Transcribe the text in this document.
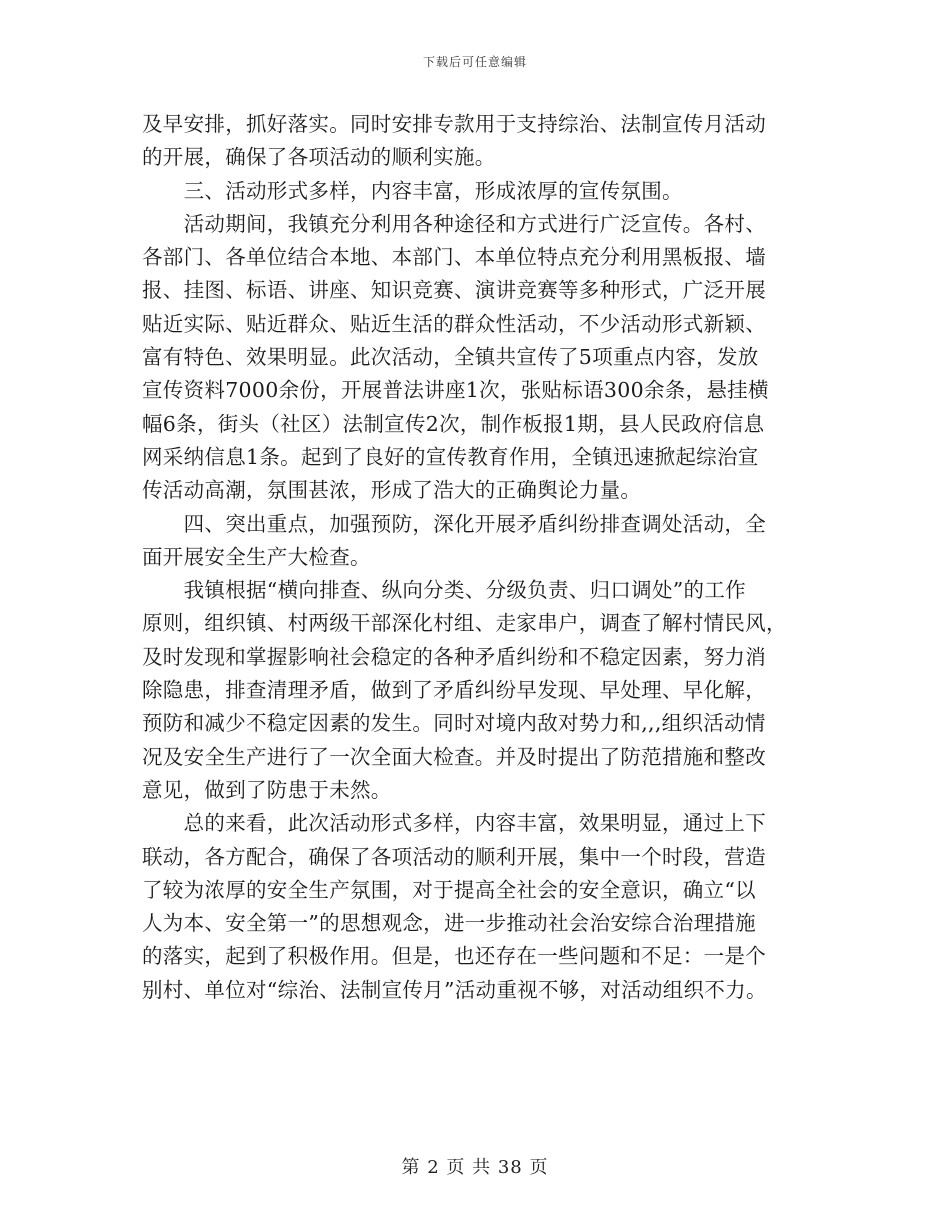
下载后可任意编辑
及早安排，抓好落实。同时安排专款用于支持综治、法制宣传月活动
的开展，确保了各项活动的顺利实施。
　　三、活动形式多样，内容丰富，形成浓厚的宣传氛围。
　　活动期间，我镇充分利用各种途径和方式进行广泛宣传。各村、
各部门、各单位结合本地、本部门、本单位特点充分利用黑板报、墙
报、挂图、标语、讲座、知识竞赛、演讲竞赛等多种形式，广泛开展
贴近实际、贴近群众、贴近生活的群众性活动，不少活动形式新颖、
富有特色、效果明显。此次活动，全镇共宣传了5项重点内容，发放
宣传资料7000余份，开展普法讲座1次，张贴标语300余条，悬挂横
幅6条，街头（社区）法制宣传2次，制作板报1期，县人民政府信息
网采纳信息1条。起到了良好的宣传教育作用，全镇迅速掀起综治宣
传活动高潮，氛围甚浓，形成了浩大的正确舆论力量。
　　四、突出重点，加强预防，深化开展矛盾纠纷排查调处活动，全
面开展安全生产大检查。
　　我镇根据“横向排查、纵向分类、分级负责、归口调处”的工作
原则，组织镇、村两级干部深化村组、走家串户，调查了解村情民风，
及时发现和掌握影响社会稳定的各种矛盾纠纷和不稳定因素，努力消
除隐患，排查清理矛盾，做到了矛盾纠纷早发现、早处理、早化解，
预防和减少不稳定因素的发生。同时对境内敌对势力和,,,组织活动情
况及安全生产进行了一次全面大检查。并及时提出了防范措施和整改
意见，做到了防患于未然。
　　总的来看，此次活动形式多样，内容丰富，效果明显，通过上下
联动，各方配合，确保了各项活动的顺利开展，集中一个时段，营造
了较为浓厚的安全生产氛围，对于提高全社会的安全意识，确立“以
人为本、安全第一”的思想观念，进一步推动社会治安综合治理措施
的落实，起到了积极作用。但是，也还存在一些问题和不足：一是个
别村、单位对“综治、法制宣传月”活动重视不够，对活动组织不力。
第 2 页 共 38 页
